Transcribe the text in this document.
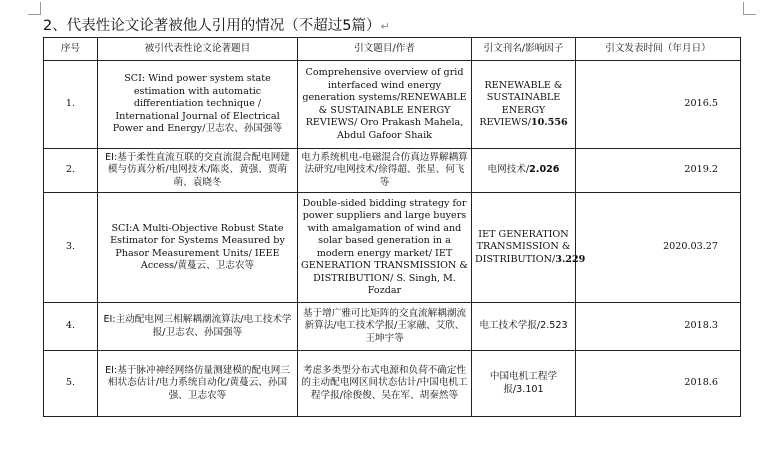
2、代表性论文论著被他人引用的情况（不超过5篇）↵
序号	被引代表性论文论著题目	引文题目/作者	引文刊名/影响因子	引文发表时间（年月日）
1.	SCI: Wind power system state estimation with automatic differentiation technique / International Journal of Electrical Power and Energy/卫志农、孙国强等	Comprehensive overview of grid interfaced wind energy generation systems/RENEWABLE & SUSTAINABLE ENERGY REVIEWS/ Oro Prakash Mahela, Abdul Gafoor Shaik	RENEWABLE & SUSTAINABLE ENERGY REVIEWS/10.556	2016.5
2.	EI:基于柔性直流互联的交直流混合配电网建模与仿真分析/电网技术/陈炎、黄强、贾萌萌、袁晓冬	电力系统机电-电磁混合仿真边界解耦算法研究/电网技术/徐得超、张星、何飞等	电网技术/2.026	2019.2
3.	SCI:A Multi-Objective Robust State Estimator for Systems Measured by Phasor Measurement Units/ IEEE Access/黄蔓云、卫志农等	Double-sided bidding strategy for power suppliers and large buyers with amalgamation of wind and solar based generation in a modern energy market/ IET GENERATION TRANSMISSION & DISTRIBUTION/ S. Singh, M. Fozdar	IET GENERATION TRANSMISSION & DISTRIBUTION/3.229	2020.03.27
4.	EI:主动配电网三相解耦潮流算法/电工技术学报/卫志农、孙国强等	基于增广雅可比矩阵的交直流解耦潮流新算法/电工技术学报/王家融、艾欣、王坤宇等	电工技术学报/2.523	2018.3
5.	EI:基于脉冲神经网络仿量测建模的配电网三相状态估计/电力系统自动化/黄蔓云、孙国强、卫志农等	考虑多类型分布式电源和负荷不确定性的主动配电网区间状态估计/中国电机工程学报/徐俊俊、吴在军、胡秦然等	中国电机工程学报/3.101	2018.6
